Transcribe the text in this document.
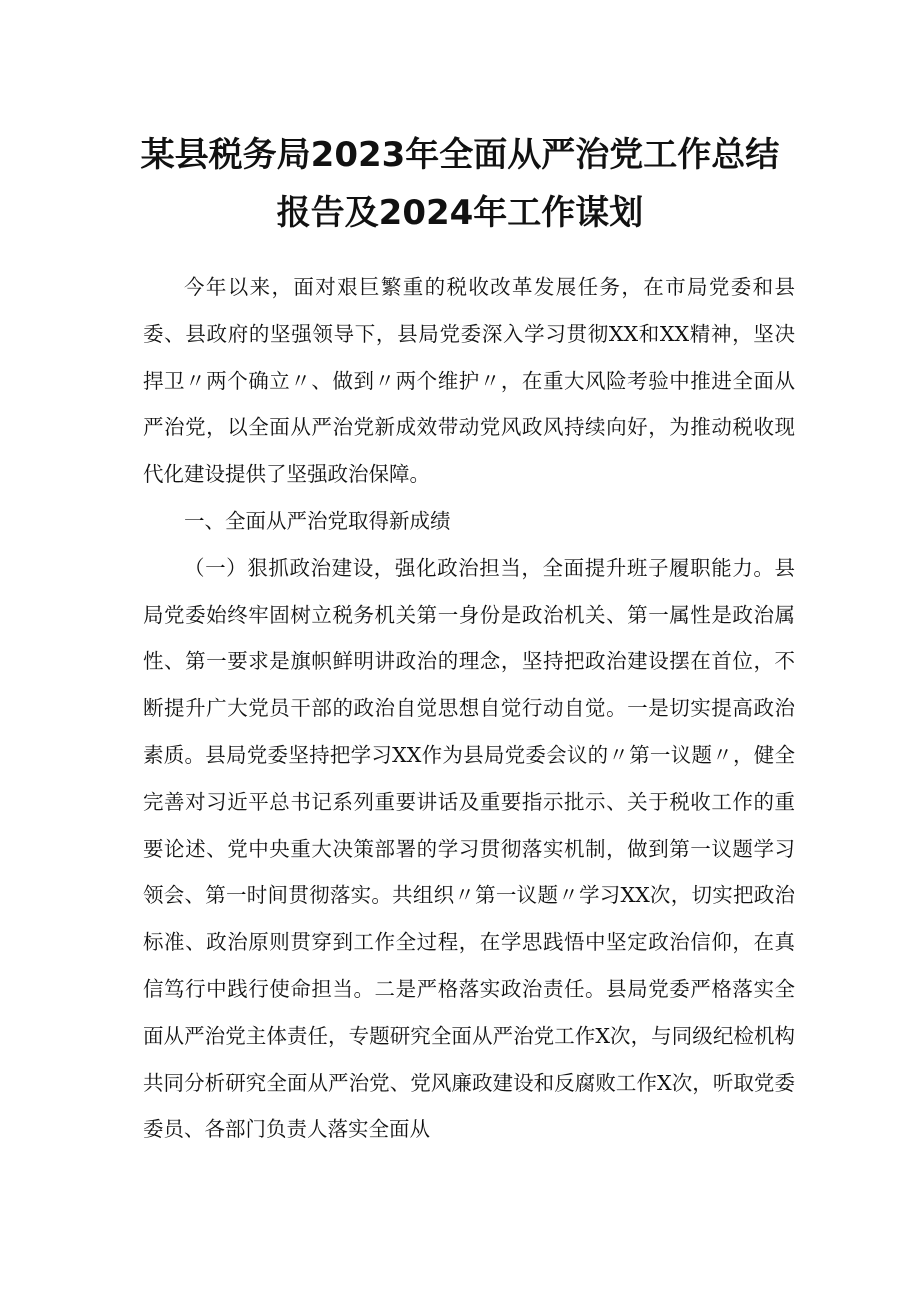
某县税务局2023年全面从严治党工作总结
报告及2024年工作谋划

今年以来，面对艰巨繁重的税收改革发展任务，在市局党委和县委、县政府的坚强领导下，县局党委深入学习贯彻XX和XX精神，坚决捍卫〃两个确立〃、做到〃两个维护〃，在重大风险考验中推进全面从严治党，以全面从严治党新成效带动党风政风持续向好，为推动税收现代化建设提供了坚强政治保障。

一、全面从严治党取得新成绩

（一）狠抓政治建设，强化政治担当，全面提升班子履职能力。县局党委始终牢固树立税务机关第一身份是政治机关、第一属性是政治属性、第一要求是旗帜鲜明讲政治的理念，坚持把政治建设摆在首位，不断提升广大党员干部的政治自觉思想自觉行动自觉。一是切实提高政治素质。县局党委坚持把学习XX作为县局党委会议的〃第一议题〃，健全完善对习近平总书记系列重要讲话及重要指示批示、关于税收工作的重要论述、党中央重大决策部署的学习贯彻落实机制，做到第一议题学习领会、第一时间贯彻落实。共组织〃第一议题〃学习XX次，切实把政治标准、政治原则贯穿到工作全过程，在学思践悟中坚定政治信仰，在真信笃行中践行使命担当。二是严格落实政治责任。县局党委严格落实全面从严治党主体责任，专题研究全面从严治党工作X次，与同级纪检机构共同分析研究全面从严治党、党风廉政建设和反腐败工作X次，听取党委委员、各部门负责人落实全面从
